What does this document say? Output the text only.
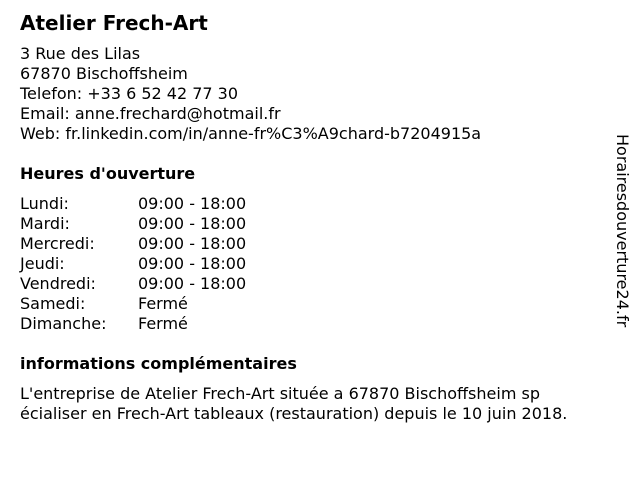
Atelier Frech-Art
3 Rue des Lilas
67870 Bischoffsheim
Telefon: +33 6 52 42 77 30
Email: anne.frechard@hotmail.fr
Web: fr.linkedin.com/in/anne-fr%C3%A9chard-b7204915a
Heures d'ouverture
Lundi:	09:00 - 18:00
Mardi:	09:00 - 18:00
Mercredi:	09:00 - 18:00
Jeudi:	09:00 - 18:00
Vendredi:	09:00 - 18:00
Samedi:	Fermé
Dimanche:	Fermé
informations complémentaires
L'entreprise de Atelier Frech-Art située a 67870 Bischoffsheim sp
écialiser en Frech-Art tableaux (restauration) depuis le 10 juin 2018.
Horairesdouverture24.fr
